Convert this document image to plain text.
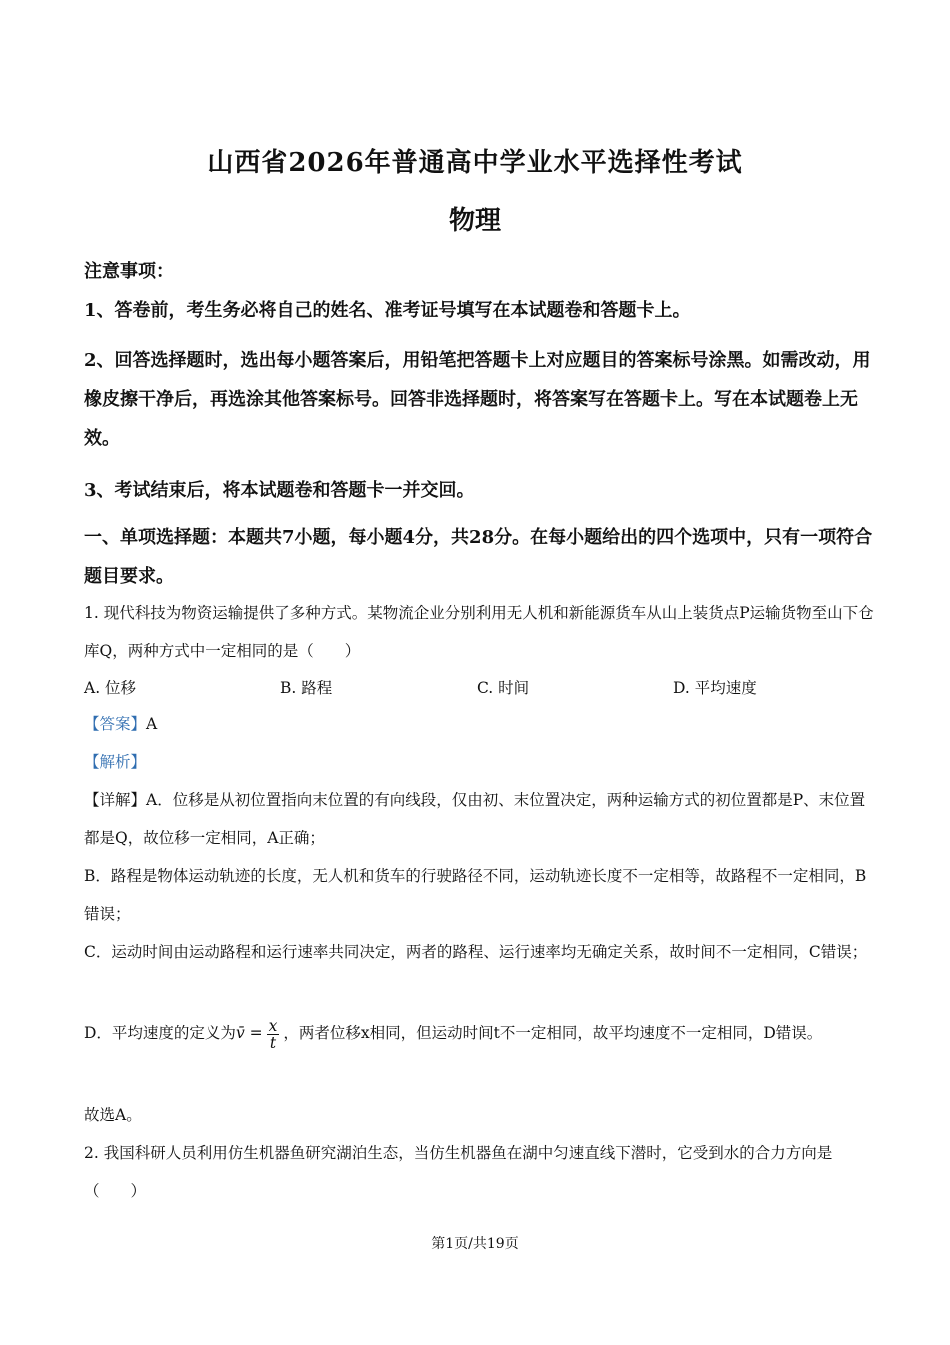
山西省2026年普通高中学业水平选择性考试
物理
注意事项：
1、答卷前，考生务必将自己的姓名、准考证号填写在本试题卷和答题卡上。
2、回答选择题时，选出每小题答案后，用铅笔把答题卡上对应题目的答案标号涂黑。如需改动，用橡皮擦干净后，再选涂其他答案标号。回答非选择题时，将答案写在答题卡上。写在本试题卷上无效。
3、考试结束后，将本试题卷和答题卡一并交回。
一、单项选择题：本题共7小题，每小题4分，共28分。在每小题给出的四个选项中，只有一项符合题目要求。
1. 现代科技为物资运输提供了多种方式。某物流企业分别利用无人机和新能源货车从山上装货点P运输货物至山下仓库Q，两种方式中一定相同的是（　　）
A. 位移	B. 路程	C. 时间	D. 平均速度
【答案】A
【解析】
【详解】A．位移是从初位置指向末位置的有向线段，仅由初、末位置决定，两种运输方式的初位置都是P、末位置都是Q，故位移一定相同，A正确；
B．路程是物体运动轨迹的长度，无人机和货车的行驶路径不同，运动轨迹长度不一定相等，故路程不一定相同，B错误；
C．运动时间由运动路程和运行速率共同决定，两者的路程、运行速率均无确定关系，故时间不一定相同，C错误；
D．平均速度的定义为v̄ = $\frac{x}{t}$ ，两者位移x相同，但运动时间t不一定相同，故平均速度不一定相同，D错误。
故选A。
2. 我国科研人员利用仿生机器鱼研究湖泊生态，当仿生机器鱼在湖中匀速直线下潜时，它受到水的合力方向是（　　）
第1页/共19页
